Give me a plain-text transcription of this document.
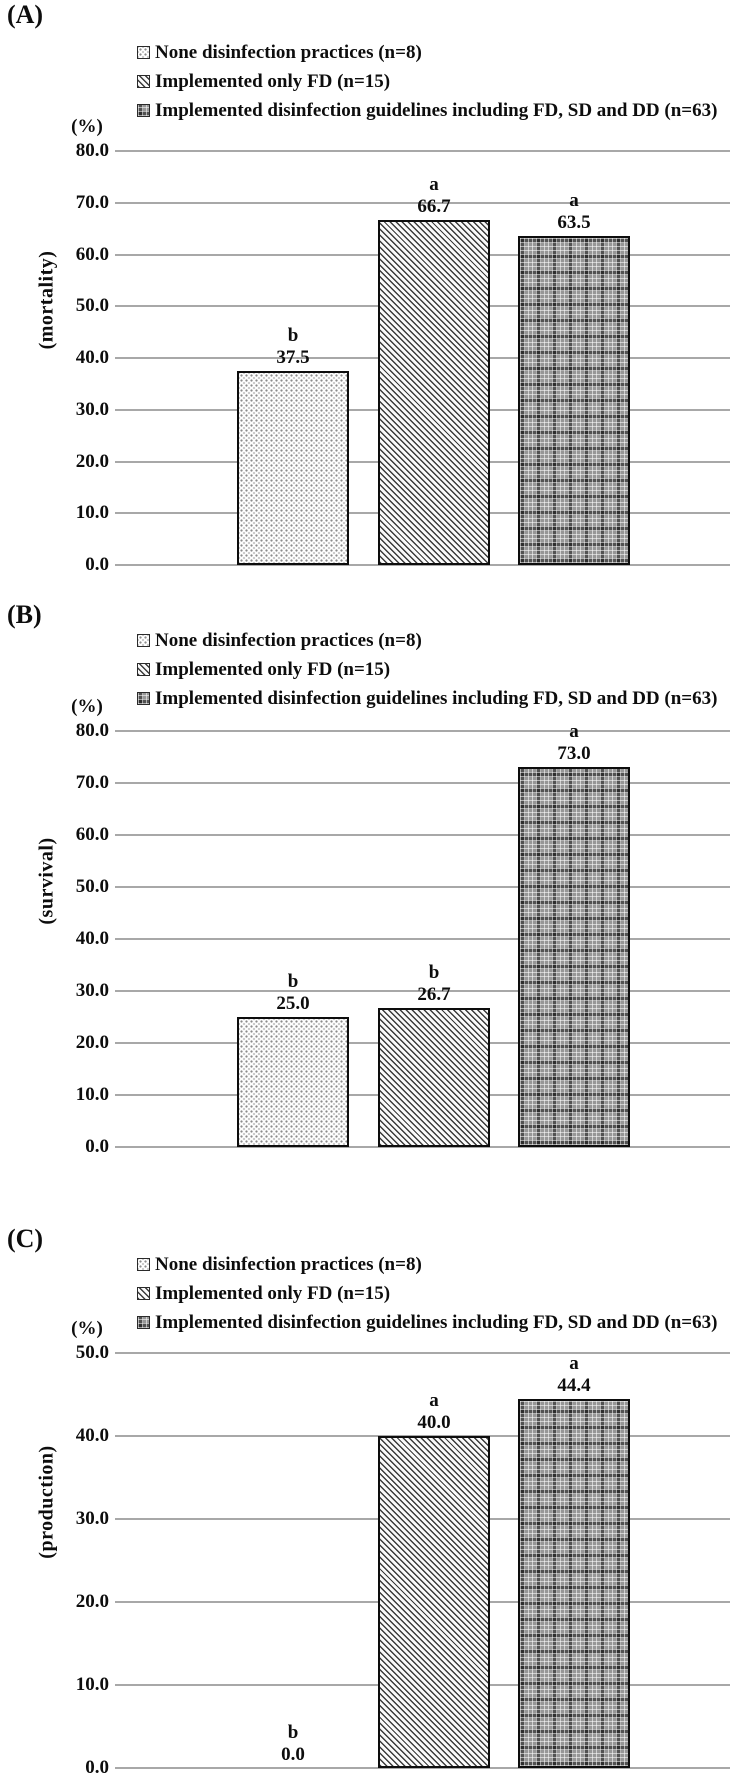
(A)
None disinfection practices (n=8)
Implemented only FD (n=15)
Implemented disinfection guidelines including FD, SD and DD (n=63)
(%)
(mortality)
80.0
70.0
60.0
50.0
40.0
30.0
20.0
10.0
0.0
37.5
b
66.7
a
63.5
a
(B)
None disinfection practices (n=8)
Implemented only FD (n=15)
Implemented disinfection guidelines including FD, SD and DD (n=63)
(%)
(survival)
80.0
70.0
60.0
50.0
40.0
30.0
20.0
10.0
0.0
25.0
b
26.7
b
73.0
a
(C)
None disinfection practices (n=8)
Implemented only FD (n=15)
Implemented disinfection guidelines including FD, SD and DD (n=63)
(%)
(production)
50.0
40.0
30.0
20.0
10.0
0.0
0.0
b
40.0
a
44.4
a
